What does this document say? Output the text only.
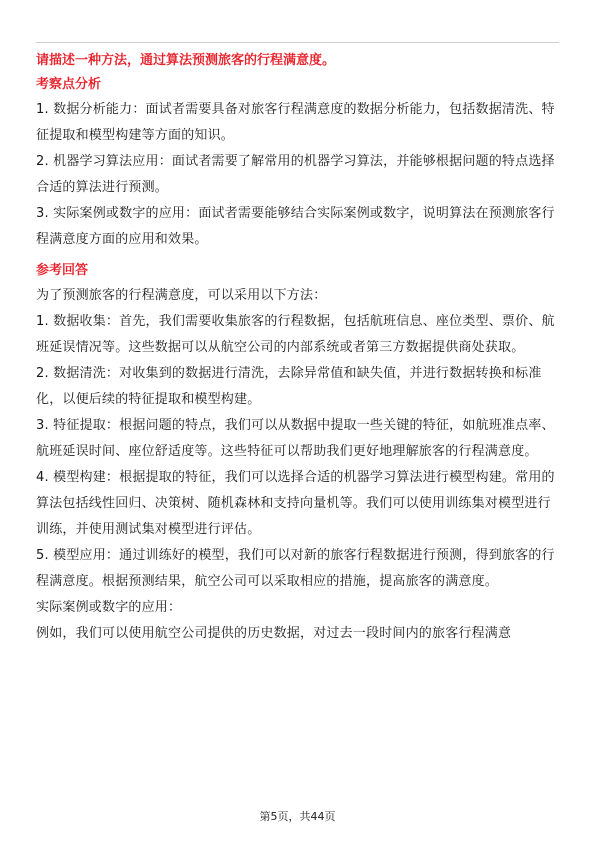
请描述一种方法，通过算法预测旅客的行程满意度。

考察点分析

1. 数据分析能力：面试者需要具备对旅客行程满意度的数据分析能力，包括数据清洗、特征提取和模型构建等方面的知识。

2. 机器学习算法应用：面试者需要了解常用的机器学习算法，并能够根据问题的特点选择合适的算法进行预测。

3. 实际案例或数字的应用：面试者需要能够结合实际案例或数字，说明算法在预测旅客行程满意度方面的应用和效果。

参考回答

为了预测旅客的行程满意度，可以采用以下方法：

1. 数据收集：首先，我们需要收集旅客的行程数据，包括航班信息、座位类型、票价、航班延误情况等。这些数据可以从航空公司的内部系统或者第三方数据提供商处获取。

2. 数据清洗：对收集到的数据进行清洗，去除异常值和缺失值，并进行数据转换和标准化，以便后续的特征提取和模型构建。

3. 特征提取：根据问题的特点，我们可以从数据中提取一些关键的特征，如航班准点率、航班延误时间、座位舒适度等。这些特征可以帮助我们更好地理解旅客的行程满意度。

4. 模型构建：根据提取的特征，我们可以选择合适的机器学习算法进行模型构建。常用的算法包括线性回归、决策树、随机森林和支持向量机等。我们可以使用训练集对模型进行训练，并使用测试集对模型进行评估。

5. 模型应用：通过训练好的模型，我们可以对新的旅客行程数据进行预测，得到旅客的行程满意度。根据预测结果，航空公司可以采取相应的措施，提高旅客的满意度。

实际案例或数字的应用：

例如，我们可以使用航空公司提供的历史数据，对过去一段时间内的旅客行程满意

第5页，共44页
